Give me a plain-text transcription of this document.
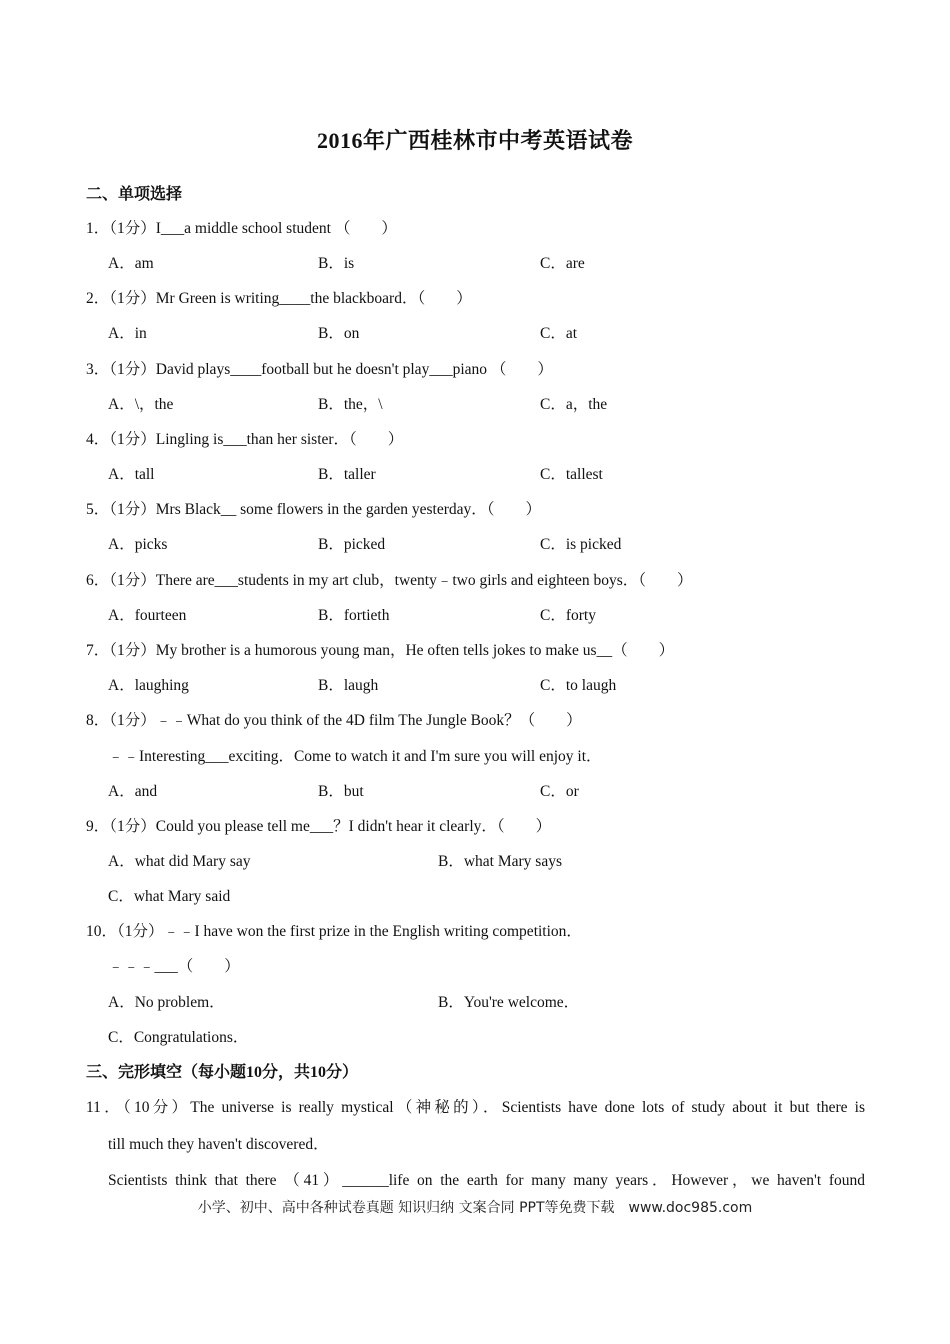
2016年广西桂林市中考英语试卷
二、单项选择
1．（1分）I___a middle school student （　　）
A．am	B．is	C．are
2．（1分）Mr Green is writing____the blackboard．（　　）
A．in	B．on	C．at
3．（1分）David plays____football but he doesn't play___piano （　　）
A．\，the	B．the，\	C．a，the
4．（1分）Lingling is___than her sister．（　　）
A．tall	B．taller	C．tallest
5．（1分）Mrs Black__ some flowers in the garden yesterday．（　　）
A．picks	B．picked	C．is picked
6．（1分）There are___students in my art club，twenty﹣two girls and eighteen boys．（　　）
A．fourteen	B．fortieth	C．forty
7．（1分）My brother is a humorous young man，He often tells jokes to make us__（　　）
A．laughing	B．laugh	C．to laugh
8．（1分）﹣﹣What do you think of the 4D film The Jungle Book？（　　）
﹣﹣Interesting___exciting．Come to watch it and I'm sure you will enjoy it．
A．and	B．but	C．or
9．（1分）Could you please tell me___？I didn't hear it clearly．（　　）
A．what did Mary say	B．what Mary says
C．what Mary said
10．（1分）﹣﹣I have won the first prize in the English writing competition．
﹣﹣﹣___（　　）
A．No problem．	B．You're welcome．
C．Congratulations．
三、完形填空（每小题10分，共10分）
11．（10分）The universe is really mystical（神秘的）．Scientists have done lots of study about it but there is
till much they haven't discovered．
Scientists think that there （41）______life on the earth for many many years．However，we haven't found
小学、初中、高中各种试卷真题 知识归纳 文案合同 PPT等免费下载　www.doc985.com
